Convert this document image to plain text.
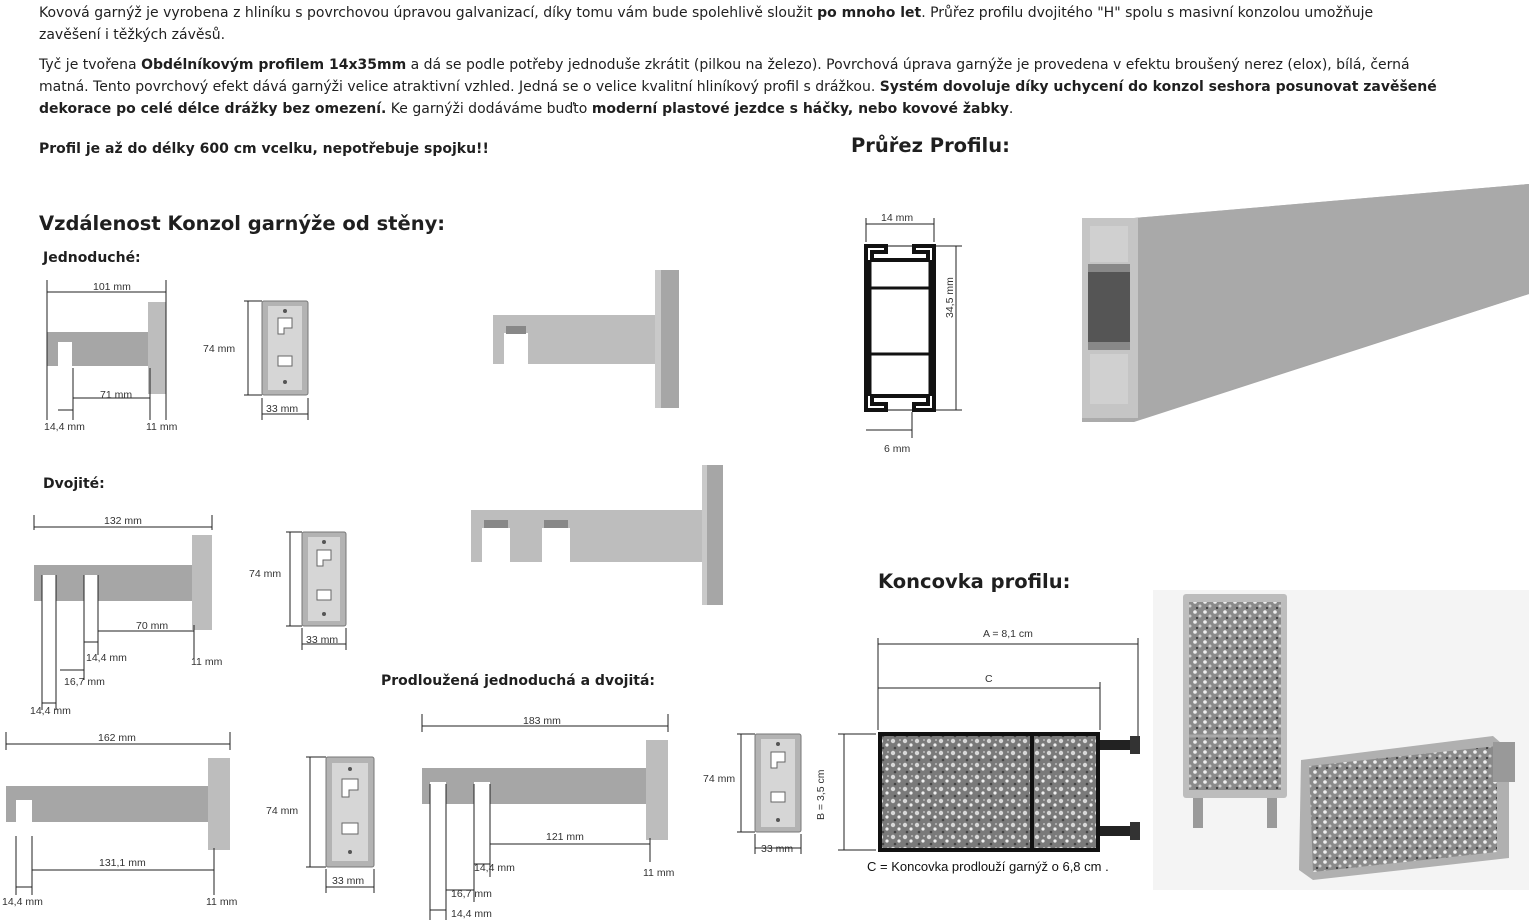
Kovová garnýž je vyrobena z hliníku s povrchovou úpravou galvanizací, díky tomu vám bude spolehlivě sloužit po mnoho let. Průřez profilu dvojitého "H" spolu s masivní konzolou umožňuje zavěšení i těžkých závěsů.
Tyč je tvořena Obdélníkovým profilem 14x35mm a dá se podle potřeby jednoduše zkrátit (pilkou na železo). Povrchová úprava garnýže je provedena v efektu broušený nerez (elox), bílá, černá matná. Tento povrchový efekt dává garnýži velice atraktivní vzhled. Jedná se o velice kvalitní hliníkový profil s drážkou. Systém dovoluje díky uchycení do konzol seshora posunovat zavěšené dekorace po celé délce drážky bez omezení. Ke garnýži dodáváme buďto moderní plastové jezdce s háčky, nebo kovové žabky.
Profil je až do délky 600 cm vcelku, nepotřebuje spojku!!
Vzdálenost Konzol garnýže od stěny:
Jednoduché:
Dvojité:
Prodloužená jednoduchá a dvojitá:
Průřez Profilu:
Koncovka profilu:
101 mm
71 mm
14,4 mm	11 mm
74 mm
33 mm
132 mm
70 mm
14,4 mm
16,7 mm
14,4 mm
11 mm
74 mm
33 mm
162 mm
131,1 mm
14,4 mm	11 mm
74 mm
33 mm
183 mm
121 mm
14,4 mm
16,7 mm
14,4 mm
11 mm
74 mm
33 mm
14 mm
34,5 mm
6 mm
A = 8,1 cm
C
B = 3,5 cm
C = Koncovka prodlouží garnýž o 6,8 cm .
